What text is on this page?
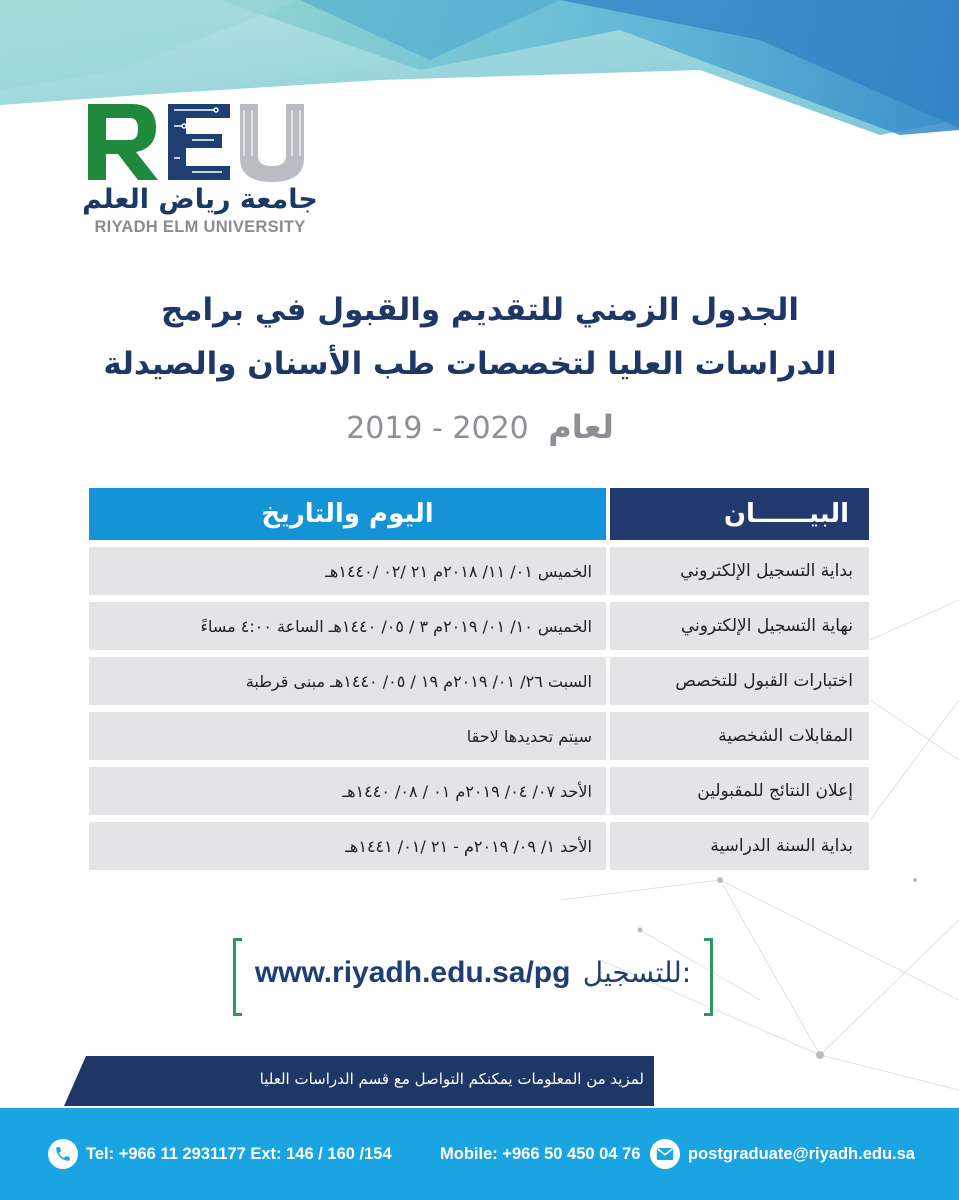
جامعة رياض العلم
RIYADH ELM UNIVERSITY
الجدول الزمني للتقديم والقبول في برامج
الدراسات العليا لتخصصات طب الأسنان والصيدلة
2019 - 2020 لعام
البيــــــان
اليوم والتاريخ
بداية التسجيل الإلكتروني
الخميس ٠١/ ١١/ ٢٠١٨م ٢١ /٠٢ /١٤٤٠هـ
نهاية التسجيل الإلكتروني
الخميس ١٠/ ٠١/ ٢٠١٩م ٣ / ٠٥/ ١٤٤٠هـ الساعة ٤:٠٠ مساءً
اختبارات القبول للتخصص
السبت ٢٦/ ٠١/ ٢٠١٩م ١٩ / ٠٥/ ١٤٤٠هـ مبنى قرطبة
المقابلات الشخصية
سيتم تحديدها لاحقا
إعلان النتائج للمقبولين
الأحد ٠٧/ ٠٤/ ٢٠١٩م ٠١ / ٠٨/ ١٤٤٠هـ
بداية السنة الدراسية
الأحد ١/ ٠٩/ ٢٠١٩م - ٢١ /٠١/ ١٤٤١هـ
www.riyadh.edu.sa/pg للتسجيل:
لمزيد من المعلومات يمكنكم التواصل مع قسم الدراسات العليا
Tel: +966 11 2931177 Ext: 146 / 160 /154	Mobile: +966 50 450 04 76	postgraduate@riyadh.edu.sa
